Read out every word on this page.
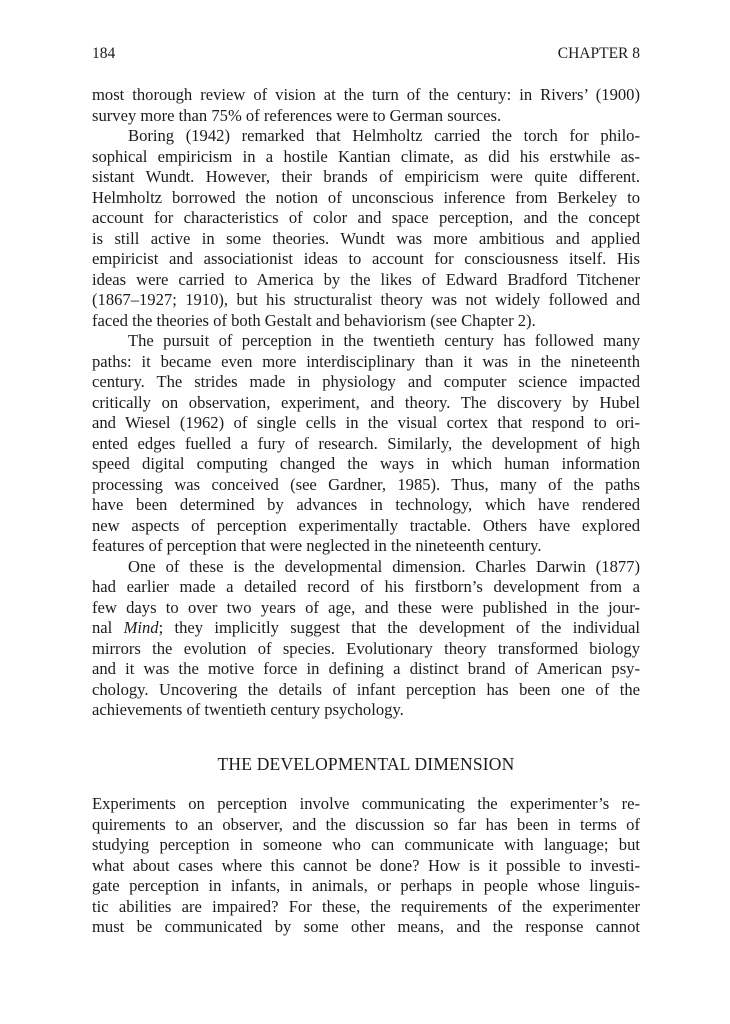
184	CHAPTER 8
most thorough review of vision at the turn of the century: in Rivers’ (1900)
survey more than 75% of references were to German sources.
Boring (1942) remarked that Helmholtz carried the torch for philo-
sophical empiricism in a hostile Kantian climate, as did his erstwhile as-
sistant Wundt. However, their brands of empiricism were quite different.
Helmholtz borrowed the notion of unconscious inference from Berkeley to
account for characteristics of color and space perception, and the concept
is still active in some theories. Wundt was more ambitious and applied
empiricist and associationist ideas to account for consciousness itself. His
ideas were carried to America by the likes of Edward Bradford Titchener
(1867–1927; 1910), but his structuralist theory was not widely followed and
faced the theories of both Gestalt and behaviorism (see Chapter 2).
The pursuit of perception in the twentieth century has followed many
paths: it became even more interdisciplinary than it was in the nineteenth
century. The strides made in physiology and computer science impacted
critically on observation, experiment, and theory. The discovery by Hubel
and Wiesel (1962) of single cells in the visual cortex that respond to ori-
ented edges fuelled a fury of research. Similarly, the development of high
speed digital computing changed the ways in which human information
processing was conceived (see Gardner, 1985). Thus, many of the paths
have been determined by advances in technology, which have rendered
new aspects of perception experimentally tractable. Others have explored
features of perception that were neglected in the nineteenth century.
One of these is the developmental dimension. Charles Darwin (1877)
had earlier made a detailed record of his firstborn’s development from a
few days to over two years of age, and these were published in the jour-
nal Mind; they implicitly suggest that the development of the individual
mirrors the evolution of species. Evolutionary theory transformed biology
and it was the motive force in defining a distinct brand of American psy-
chology. Uncovering the details of infant perception has been one of the
achievements of twentieth century psychology.
THE DEVELOPMENTAL DIMENSION
Experiments on perception involve communicating the experimenter’s re-
quirements to an observer, and the discussion so far has been in terms of
studying perception in someone who can communicate with language; but
what about cases where this cannot be done? How is it possible to investi-
gate perception in infants, in animals, or perhaps in people whose linguis-
tic abilities are impaired? For these, the requirements of the experimenter
must be communicated by some other means, and the response cannot
